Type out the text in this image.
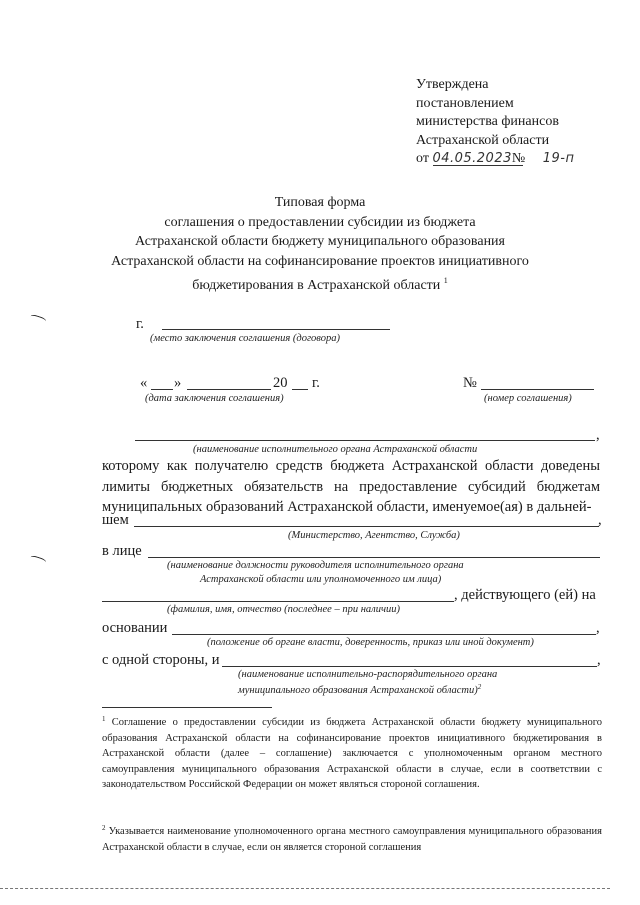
Утверждена
постановлением
министерства финансов
Астраханской области
от 04.05.2023№ 19-п
Типовая форма
соглашения о предоставлении субсидии из бюджета
Астраханской области бюджету муниципального образования
Астраханской области на софинансирование проектов инициативного
бюджетирования в Астраханской области $^1$
г.
(место заключения соглашения (договора)
« »	20 г.
(дата заключения соглашения)
№
(номер соглашения)
,
(наименование исполнительного органа Астраханской области
которому как получателю средств бюджета Астраханской области доведены лимиты бюджетных обязательств на предоставление субсидий бюджетам муниципальных образований Астраханской области, именуемое(ая) в дальней-
шем	,
(Министерство, Агентство, Служба)
в лице
(наименование должности руководителя исполнительного органа
Астраханской области или уполномоченного им лица)
, действующего (ей) на
(фамилия, имя, отчество (последнее – при наличии)
основании	,
(положение об органе власти, доверенность, приказ или иной документ)
с одной стороны, и	,
(наименование исполнительно-распорядительного органа
муниципального образования Астраханской области)$^2$
$^1$ Соглашение о предоставлении субсидии из бюджета Астраханской области бюджету муниципального образования Астраханской области на софинансирование проектов инициативного бюджетирования в Астраханской области (далее – соглашение) заключается с уполномоченным органом местного самоуправления муниципального образования Астраханской области в случае, если в соответствии с законодательством Российской Федерации он может являться стороной соглашения.
$^2$ Указывается наименование уполномоченного органа местного самоуправления муниципального образования Астраханской области в случае, если он является стороной соглашения
